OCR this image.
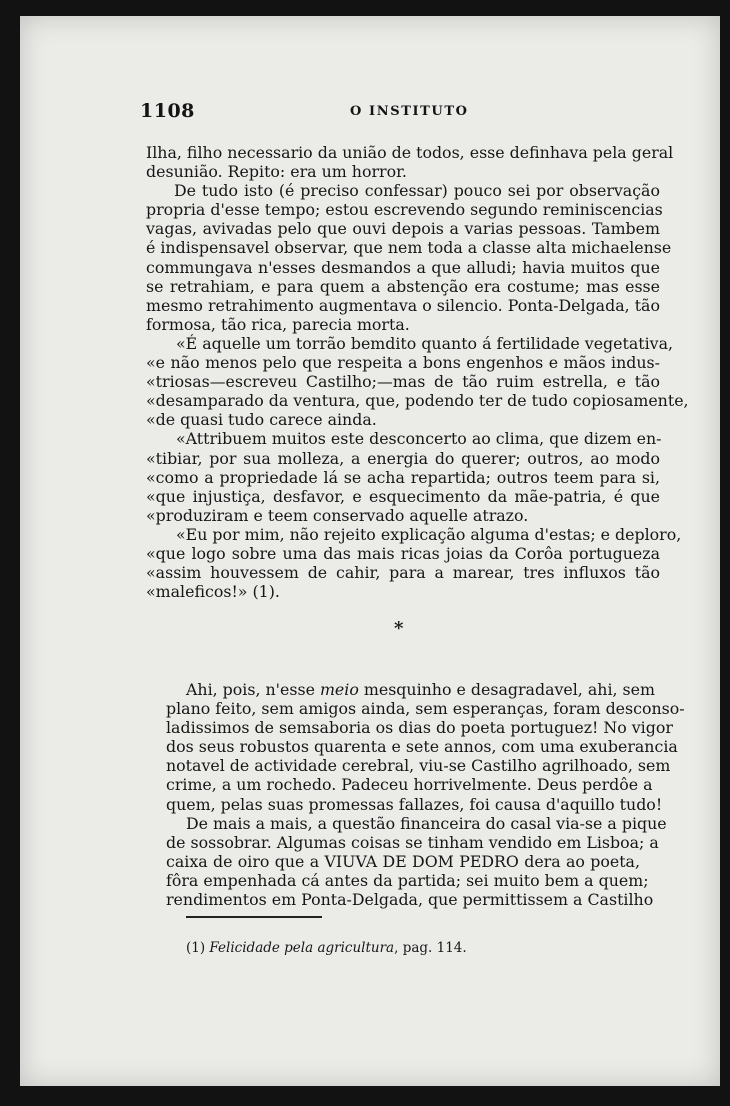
1108	O INSTITUTO
Ilha, filho necessario da união de todos, esse definhava pela geral
desunião. Repito: era um horror.
De tudo isto (é preciso confessar) pouco sei por observação
propria d'esse tempo; estou escrevendo segundo reminiscencias
vagas, avivadas pelo que ouvi depois a varias pessoas. Tambem
é indispensavel observar, que nem toda a classe alta michaelense
commungava n'esses desmandos a que alludi; havia muitos que
se retrahiam, e para quem a abstenção era costume; mas esse
mesmo retrahimento augmentava o silencio. Ponta-Delgada, tão
formosa, tão rica, parecia morta.
«É aquelle um torrão bemdito quanto á fertilidade vegetativa,
«e não menos pelo que respeita a bons engenhos e mãos indus-
«triosas—escreveu Castilho;—mas de tão ruim estrella, e tão
«desamparado da ventura, que, podendo ter de tudo copiosamente,
«de quasi tudo carece ainda.
«Attribuem muitos este desconcerto ao clima, que dizem en-
«tibiar, por sua molleza, a energia do querer; outros, ao modo
«como a propriedade lá se acha repartida; outros teem para si,
«que injustiça, desfavor, e esquecimento da mãe-patria, é que
«produziram e teem conservado aquelle atrazo.
«Eu por mim, não rejeito explicação alguma d'estas; e deploro,
«que logo sobre uma das mais ricas joias da Corôa portugueza
«assim houvessem de cahir, para a marear, tres influxos tão
«maleficos!» (1).
*
Ahi, pois, n'esse meio mesquinho e desagradavel, ahi, sem
plano feito, sem amigos ainda, sem esperanças, foram desconso-
ladissimos de semsaboria os dias do poeta portuguez! No vigor
dos seus robustos quarenta e sete annos, com uma exuberancia
notavel de actividade cerebral, viu-se Castilho agrilhoado, sem
crime, a um rochedo. Padeceu horrivelmente. Deus perdôe a
quem, pelas suas promessas fallazes, foi causa d'aquillo tudo!
De mais a mais, a questão financeira do casal via-se a pique
de sossobrar. Algumas coisas se tinham vendido em Lisboa; a
caixa de oiro que a VIUVA DE DOM PEDRO dera ao poeta,
fôra empenhada cá antes da partida; sei muito bem a quem;
rendimentos em Ponta-Delgada, que permittissem a Castilho
(1) Felicidade pela agricultura, pag. 114.
